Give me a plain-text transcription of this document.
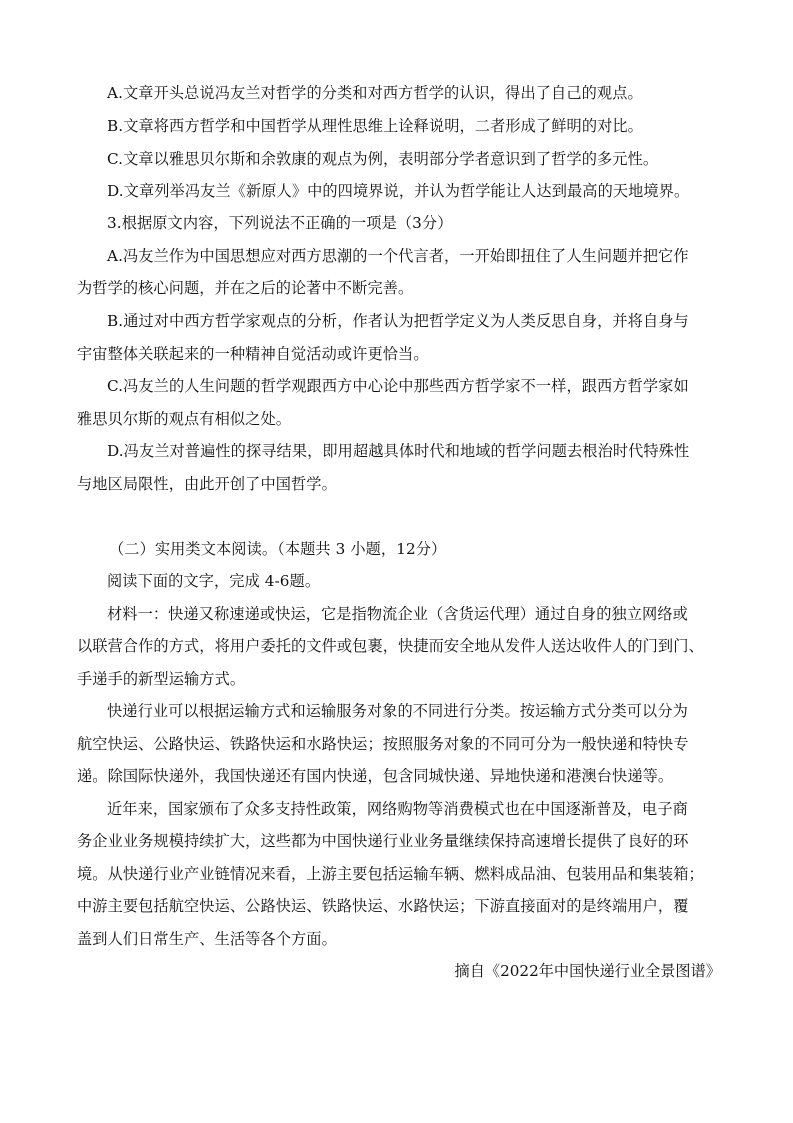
A.文章开头总说冯友兰对哲学的分类和对西方哲学的认识，得出了自己的观点。
B.文章将西方哲学和中国哲学从理性思维上诠释说明，二者形成了鲜明的对比。
C.文章以雅思贝尔斯和余敦康的观点为例，表明部分学者意识到了哲学的多元性。
D.文章列举冯友兰《新原人》中的四境界说，并认为哲学能让人达到最高的天地境界。
3.根据原文内容，下列说法不正确的一项是（3分）
A.冯友兰作为中国思想应对西方思潮的一个代言者，一开始即扭住了人生问题并把它作
为哲学的核心问题，并在之后的论著中不断完善。
B.通过对中西方哲学家观点的分析，作者认为把哲学定义为人类反思自身，并将自身与
宇宙整体关联起来的一种精神自觉活动或许更恰当。
C.冯友兰的人生问题的哲学观跟西方中心论中那些西方哲学家不一样，跟西方哲学家如
雅思贝尔斯的观点有相似之处。
D.冯友兰对普遍性的探寻结果，即用超越具体时代和地域的哲学问题去根治时代特殊性
与地区局限性，由此开创了中国哲学。
（二）实用类文本阅读。（本题共 3 小题，12分）
阅读下面的文字，完成 4-6题。
材料一：快递又称速递或快运，它是指物流企业（含货运代理）通过自身的独立网络或
以联营合作的方式，将用户委托的文件或包裹，快捷而安全地从发件人送达收件人的门到门、
手递手的新型运输方式。
快递行业可以根据运输方式和运输服务对象的不同进行分类。按运输方式分类可以分为
航空快运、公路快运、铁路快运和水路快运；按照服务对象的不同可分为一般快递和特快专
递。除国际快递外，我国快递还有国内快递，包含同城快递、异地快递和港澳台快递等。
近年来，国家颁布了众多支持性政策，网络购物等消费模式也在中国逐渐普及，电子商
务企业业务规模持续扩大，这些都为中国快递行业业务量继续保持高速增长提供了良好的环
境。从快递行业产业链情况来看，上游主要包括运输车辆、燃料成品油、包装用品和集装箱；
中游主要包括航空快运、公路快运、铁路快运、水路快运；下游直接面对的是终端用户，覆
盖到人们日常生产、生活等各个方面。
摘自《2022年中国快递行业全景图谱》
